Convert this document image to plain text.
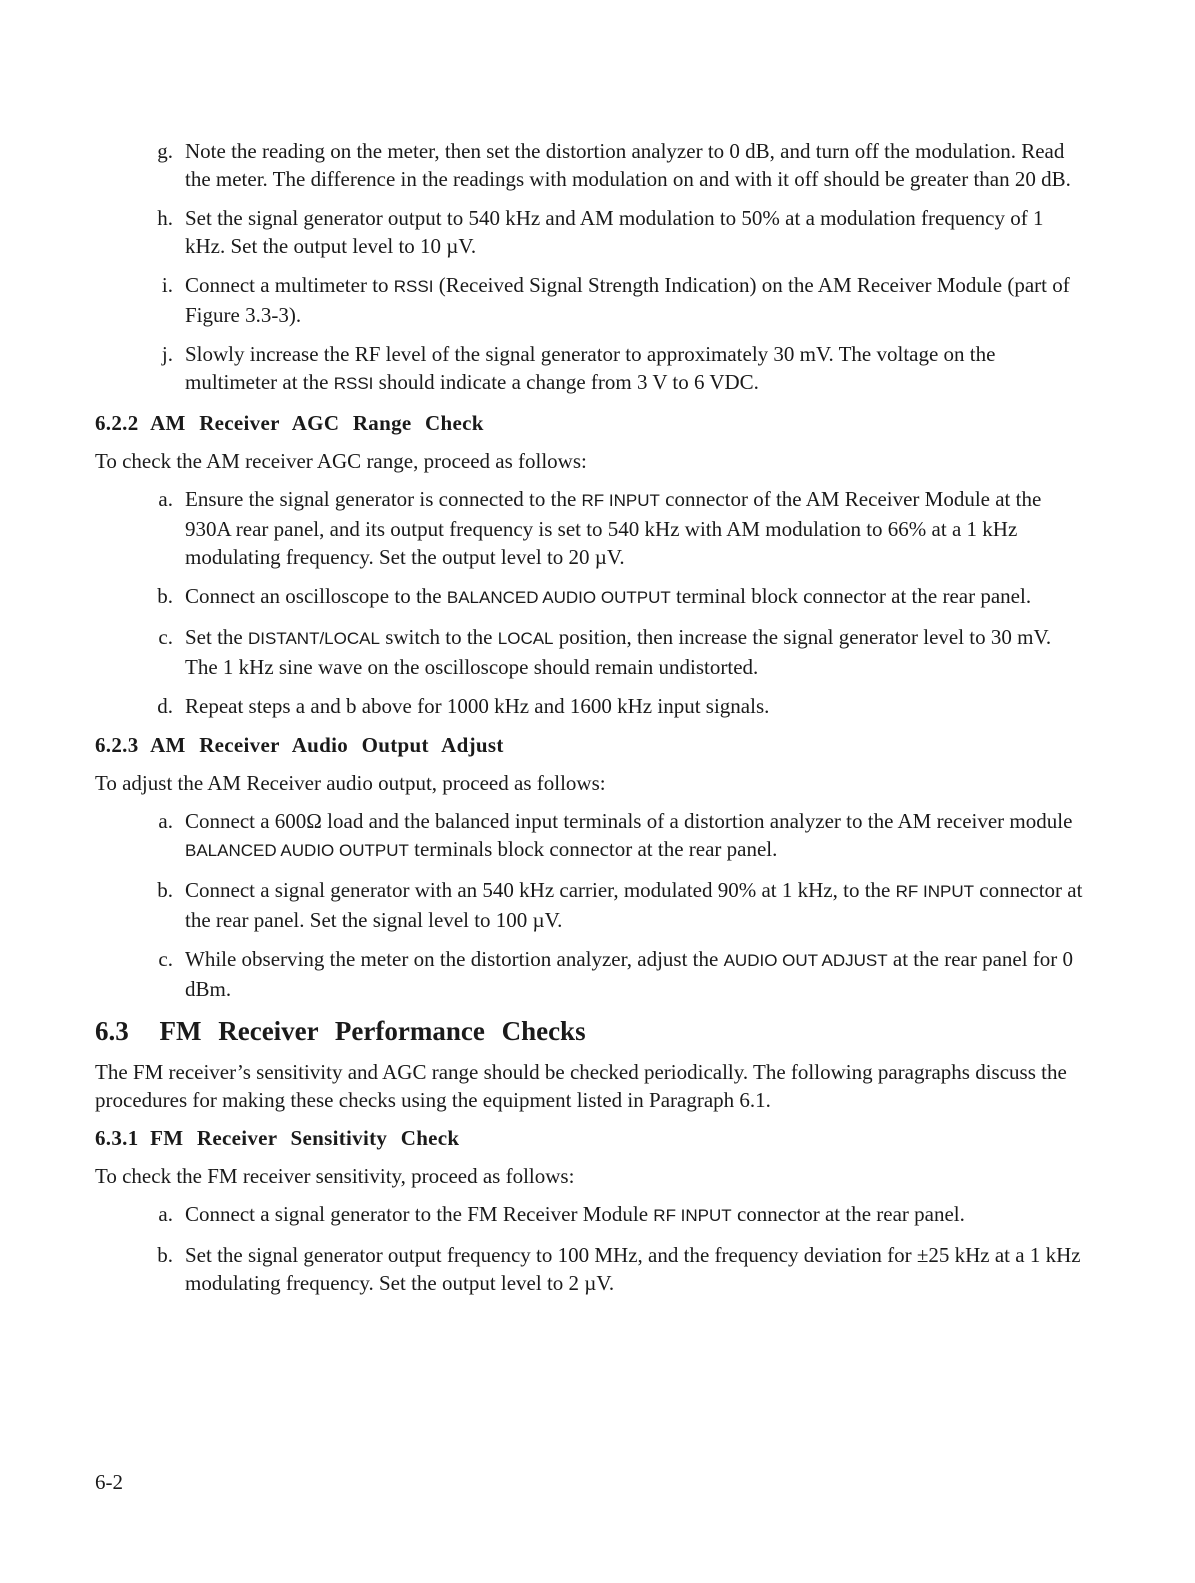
g. Note the reading on the meter, then set the distortion analyzer to 0 dB, and turn off the modulation. Read the meter. The difference in the readings with modulation on and with it off should be greater than 20 dB.
h. Set the signal generator output to 540 kHz and AM modulation to 50% at a modulation frequency of 1 kHz. Set the output level to 10 µV.
i. Connect a multimeter to RSSI (Received Signal Strength Indication) on the AM Receiver Module (part of Figure 3.3-3).
j. Slowly increase the RF level of the signal generator to approximately 30 mV. The voltage on the multimeter at the RSSI should indicate a change from 3 V to 6 VDC.
6.2.2 AM Receiver AGC Range Check

To check the AM receiver AGC range, proceed as follows:

a. Ensure the signal generator is connected to the RF INPUT connector of the AM Receiver Module at the 930A rear panel, and its output frequency is set to 540 kHz with AM modulation to 66% at a 1 kHz modulating frequency. Set the output level to 20 µV.
b. Connect an oscilloscope to the BALANCED AUDIO OUTPUT terminal block connector at the rear panel.
c. Set the DISTANT/LOCAL switch to the LOCAL position, then increase the signal generator level to 30 mV. The 1 kHz sine wave on the oscilloscope should remain undistorted.
d. Repeat steps a and b above for 1000 kHz and 1600 kHz input signals.
6.2.3 AM Receiver Audio Output Adjust

To adjust the AM Receiver audio output, proceed as follows:

a. Connect a 600Ω load and the balanced input terminals of a distortion analyzer to the AM receiver module BALANCED AUDIO OUTPUT terminals block connector at the rear panel.
b. Connect a signal generator with an 540 kHz carrier, modulated 90% at 1 kHz, to the RF INPUT connector at the rear panel. Set the signal level to 100 µV.
c. While observing the meter on the distortion analyzer, adjust the AUDIO OUT ADJUST at the rear panel for 0 dBm.
6.3 FM Receiver Performance Checks

The FM receiver’s sensitivity and AGC range should be checked periodically. The following paragraphs discuss the procedures for making these checks using the equipment listed in Paragraph 6.1.

6.3.1 FM Receiver Sensitivity Check

To check the FM receiver sensitivity, proceed as follows:

a. Connect a signal generator to the FM Receiver Module RF INPUT connector at the rear panel.
b. Set the signal generator output frequency to 100 MHz, and the frequency deviation for ±25 kHz at a 1 kHz modulating frequency. Set the output level to 2 µV.
6-2
